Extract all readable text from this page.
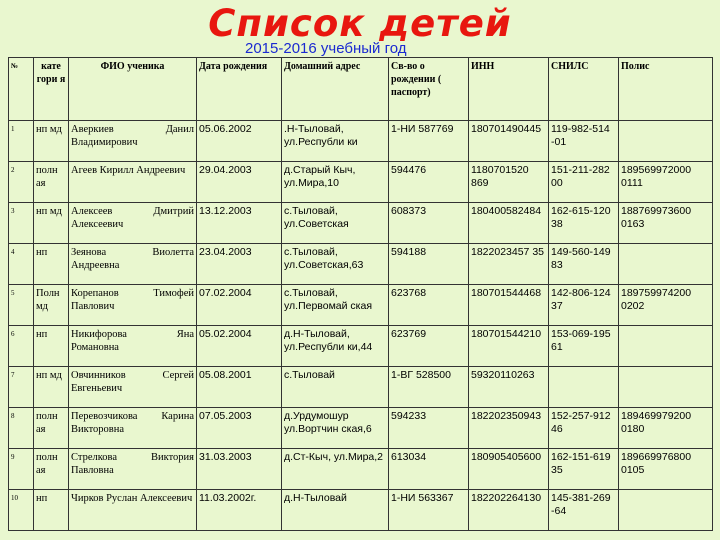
Список детей
2015-2016 учебный год
№	кате гори я	ФИО ученика	Дата рождения	Домашний адрес	Св-во о рождении ( паспорт)	ИНН	СНИЛС	Полис
1	нп мд	Аверкиев Данил Владимирович	05.06.2002	.Н-Тыловай, ул.Республи ки	1-НИ 587769	180701490445	119-982-514 -01	
2	полн ая	Агеев Кирилл Андреевич	29.04.2003	д.Старый Кыч, ул.Мира,10	594476	1180701520 869	151-211-282 00	189569972000 0111
3	нп мд	Алексеев Дмитрий Алексеевич	13.12.2003	с.Тыловай, ул.Советская	608373	180400582484	162-615-120 38	188769973600 0163
4	нп	Зеянова Виолетта Андреевна	23.04.2003	с.Тыловай, ул.Советская,63	594188	1822023457 35	149-560-149 83	
5	Полн мд	Корепанов Тимофей Павлович	07.02.2004	с.Тыловай, ул.Первомай ская	623768	180701544468	142-806-124 37	189759974200 0202
6	нп	Никифорова Яна Романовна	05.02.2004	д.Н-Тыловай, ул.Республи ки,44	623769	180701544210	153-069-195 61	
7	нп мд	Овчинников Сергей Евгеньевич	05.08.2001	с.Тыловай	1-ВГ 528500	59320110263		
8	полн ая	Перевозчикова Карина Викторовна	07.05.2003	д.Урдумошур ул.Вортчин ская,6	594233	182202350943	152-257-912 46	189469979200 0180
9	полн ая	Стрелкова Виктория Павловна	31.03.2003	д.Ст-Кыч, ул.Мира,2	613034	180905405600	162-151-619 35	189669976800 0105
10	нп	Чирков Руслан Алексеевич	11.03.2002г.	д.Н-Тыловай	1-НИ 563367	182202264130	145-381-269 -64	
